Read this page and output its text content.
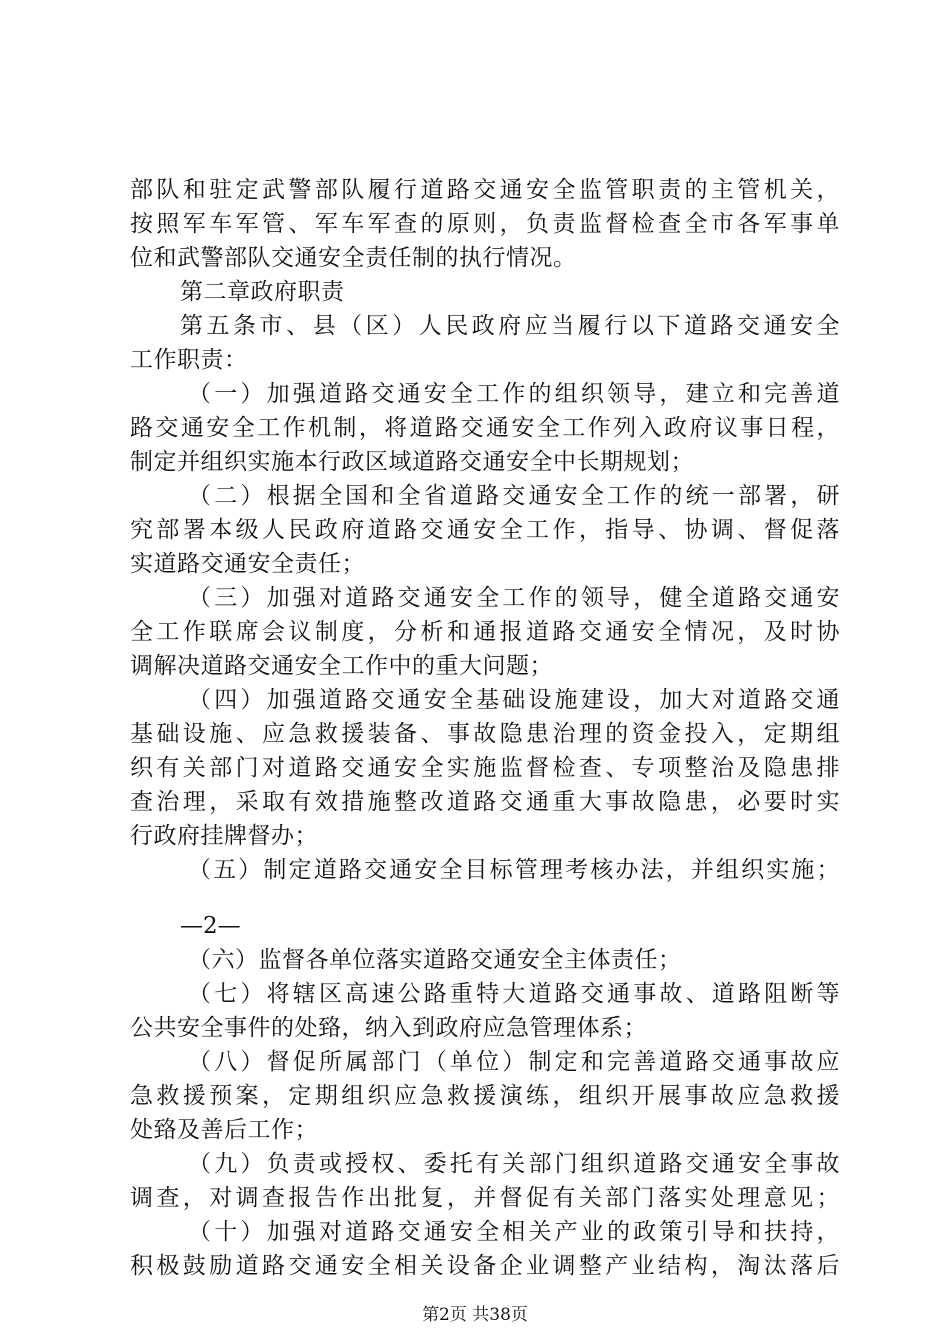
部队和驻定武警部队履行道路交通安全监管职责的主管机关，
按照军车军管、军车军查的原则，负责监督检查全市各军事单
位和武警部队交通安全责任制的执行情况。
第二章政府职责
第五条市、县（区）人民政府应当履行以下道路交通安全
工作职责：
（一）加强道路交通安全工作的组织领导，建立和完善道
路交通安全工作机制，将道路交通安全工作列入政府议事日程，
制定并组织实施本行政区域道路交通安全中长期规划；
（二）根据全国和全省道路交通安全工作的统一部署，研
究部署本级人民政府道路交通安全工作，指导、协调、督促落
实道路交通安全责任；
（三）加强对道路交通安全工作的领导，健全道路交通安
全工作联席会议制度，分析和通报道路交通安全情况，及时协
调解决道路交通安全工作中的重大问题；
（四）加强道路交通安全基础设施建设，加大对道路交通
基础设施、应急救援装备、事故隐患治理的资金投入，定期组
织有关部门对道路交通安全实施监督检查、专项整治及隐患排
查治理，采取有效措施整改道路交通重大事故隐患，必要时实
行政府挂牌督办；
（五）制定道路交通安全目标管理考核办法，并组织实施；
—2—
（六）监督各单位落实道路交通安全主体责任；
（七）将辖区高速公路重特大道路交通事故、道路阻断等
公共安全事件的处臵，纳入到政府应急管理体系；
（八）督促所属部门（单位）制定和完善道路交通事故应
急救援预案，定期组织应急救援演练，组织开展事故应急救援
处臵及善后工作；
（九）负责或授权、委托有关部门组织道路交通安全事故
调查，对调查报告作出批复，并督促有关部门落实处理意见；
（十）加强对道路交通安全相关产业的政策引导和扶持，
积极鼓励道路交通安全相关设备企业调整产业结构，淘汰落后
第2页 共38页
